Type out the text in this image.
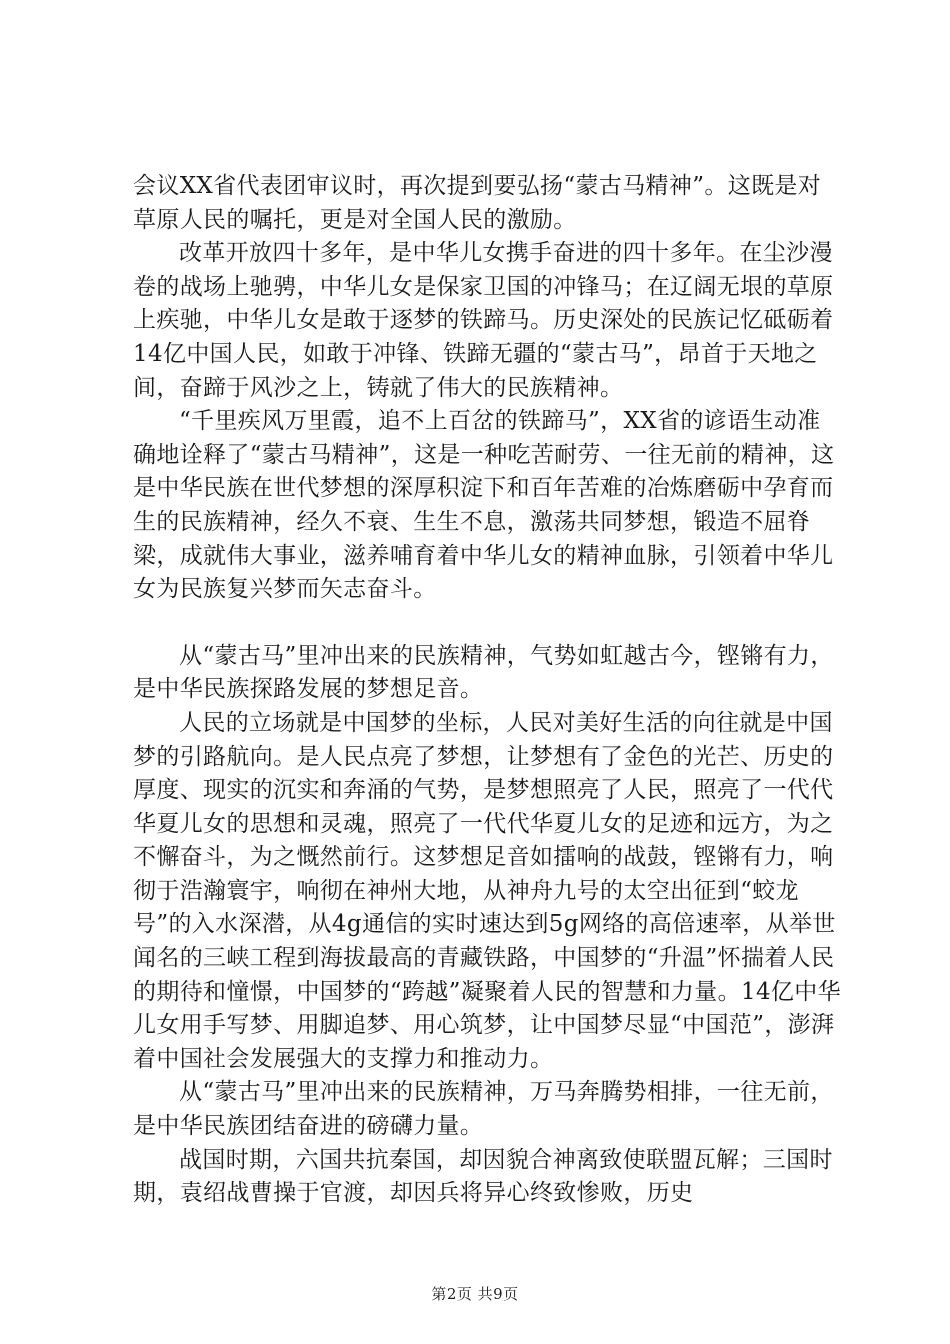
会议XX省代表团审议时，再次提到要弘扬“蒙古马精神”。这既是对草原人民的嘱托，更是对全国人民的激励。

改革开放四十多年，是中华儿女携手奋进的四十多年。在尘沙漫卷的战场上驰骋，中华儿女是保家卫国的冲锋马；在辽阔无垠的草原上疾驰，中华儿女是敢于逐梦的铁蹄马。历史深处的民族记忆砥砺着14亿中国人民，如敢于冲锋、铁蹄无疆的“蒙古马”，昂首于天地之间，奋蹄于风沙之上，铸就了伟大的民族精神。

“千里疾风万里霞，追不上百岔的铁蹄马”，XX省的谚语生动准确地诠释了“蒙古马精神”，这是一种吃苦耐劳、一往无前的精神，这是中华民族在世代梦想的深厚积淀下和百年苦难的冶炼磨砺中孕育而生的民族精神，经久不衰、生生不息，激荡共同梦想，锻造不屈脊梁，成就伟大事业，滋养哺育着中华儿女的精神血脉，引领着中华儿女为民族复兴梦而矢志奋斗。

从“蒙古马”里冲出来的民族精神，气势如虹越古今，铿锵有力，是中华民族探路发展的梦想足音。

人民的立场就是中国梦的坐标，人民对美好生活的向往就是中国梦的引路航向。是人民点亮了梦想，让梦想有了金色的光芒、历史的厚度、现实的沉实和奔涌的气势，是梦想照亮了人民，照亮了一代代华夏儿女的思想和灵魂，照亮了一代代华夏儿女的足迹和远方，为之不懈奋斗，为之慨然前行。这梦想足音如擂响的战鼓，铿锵有力，响彻于浩瀚寰宇，响彻在神州大地，从神舟九号的太空出征到“蛟龙号”的入水深潜，从4g通信的实时速达到5g网络的高倍速率，从举世闻名的三峡工程到海拔最高的青藏铁路，中国梦的“升温”怀揣着人民的期待和憧憬，中国梦的“跨越”凝聚着人民的智慧和力量。14亿中华儿女用手写梦、用脚追梦、用心筑梦，让中国梦尽显“中国范”，澎湃着中国社会发展强大的支撑力和推动力。

从“蒙古马”里冲出来的民族精神，万马奔腾势相排，一往无前，是中华民族团结奋进的磅礴力量。

战国时期，六国共抗秦国，却因貌合神离致使联盟瓦解；三国时期，袁绍战曹操于官渡，却因兵将异心终致惨败，历史

第2页 共9页
